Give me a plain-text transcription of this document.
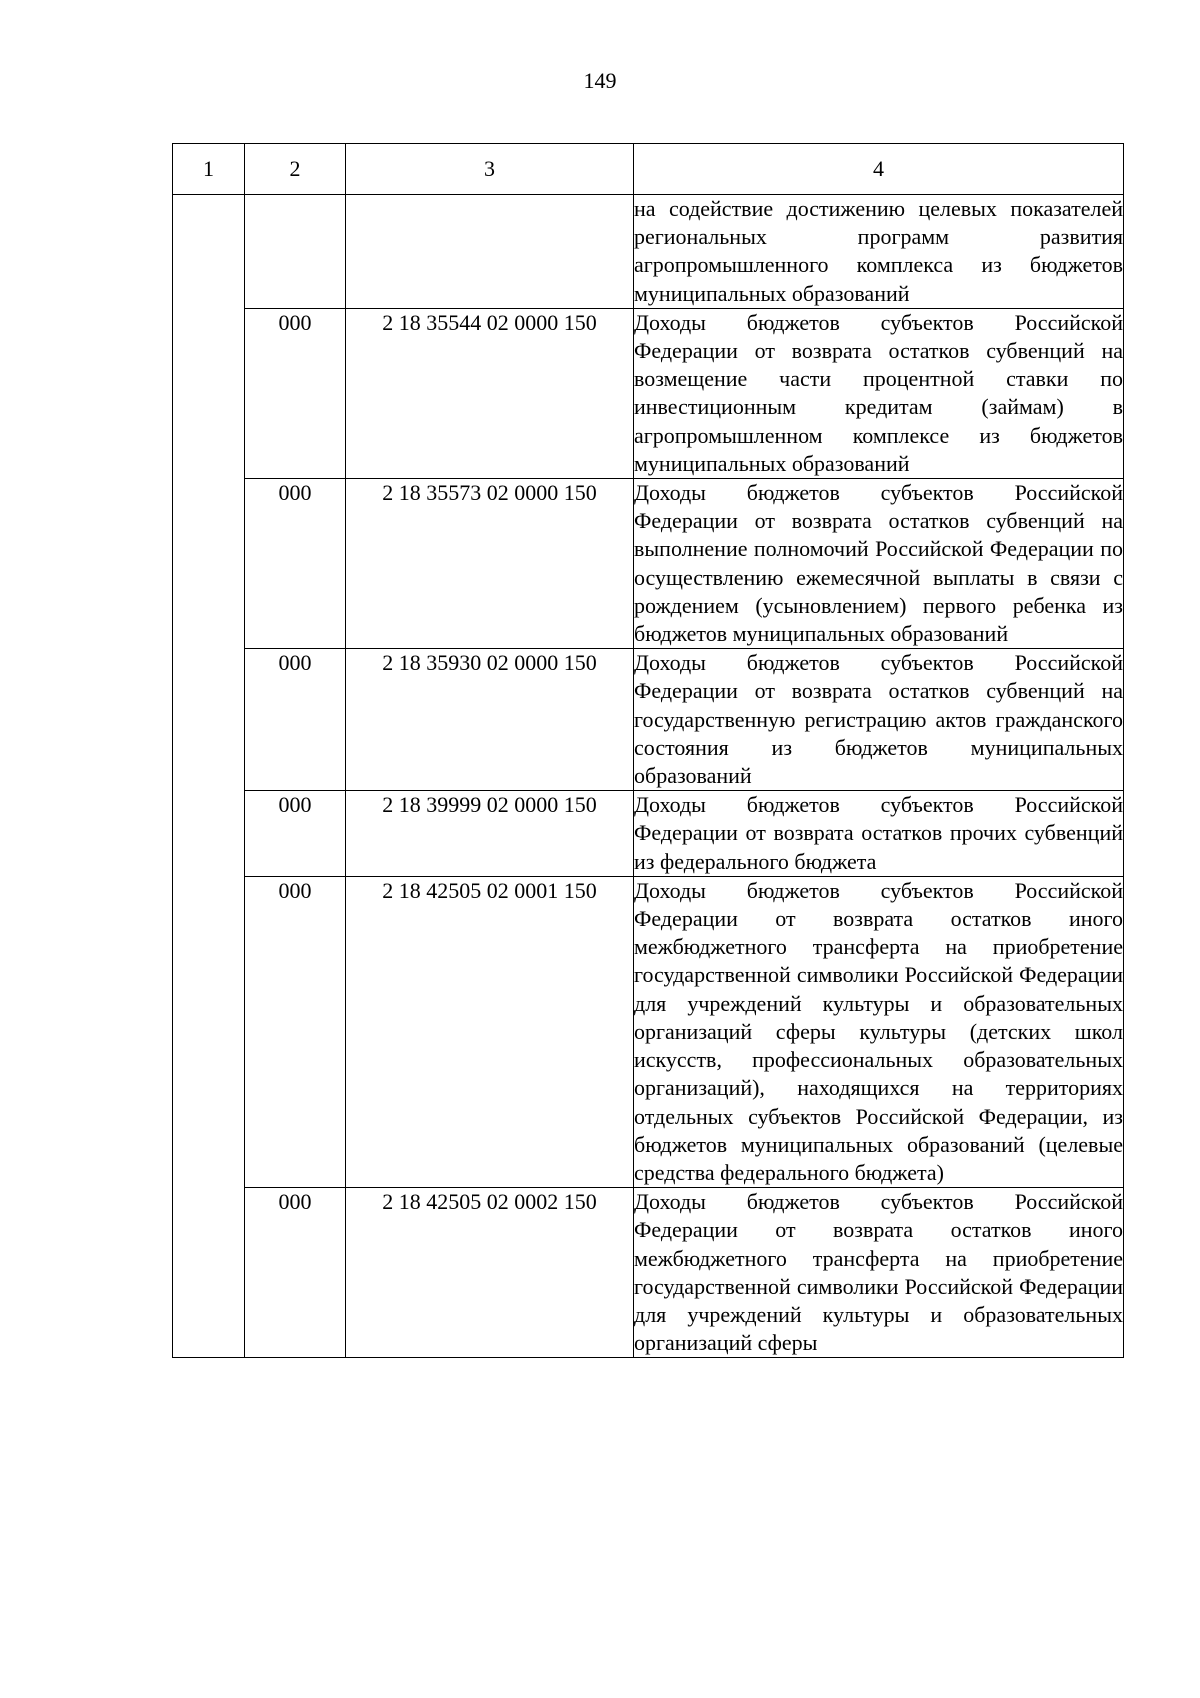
149
1	2	3	4
			на содействие достижению целевых показателей региональных программ развития агропромышленного комплекса из бюджетов муниципальных образований
	000	2 18 35544 02 0000 150	Доходы бюджетов субъектов Российской Федерации от возврата остатков субвенций на возмещение части процентной ставки по инвестиционным кредитам (займам) в агропромышленном комплексе из бюджетов муниципальных образований
	000	2 18 35573 02 0000 150	Доходы бюджетов субъектов Российской Федерации от возврата остатков субвенций на выполнение полномочий Российской Федерации по осуществлению ежемесячной выплаты в связи с рождением (усыновлением) первого ребенка из бюджетов муниципальных образований
	000	2 18 35930 02 0000 150	Доходы бюджетов субъектов Российской Федерации от возврата остатков субвенций на государственную регистрацию актов гражданского состояния из бюджетов муниципальных образований
	000	2 18 39999 02 0000 150	Доходы бюджетов субъектов Российской Федерации от возврата остатков прочих субвенций из федерального бюджета
	000	2 18 42505 02 0001 150	Доходы бюджетов субъектов Российской Федерации от возврата остатков иного межбюджетного трансферта на приобретение государственной символики Российской Федерации для учреждений культуры и образовательных организаций сферы культуры (детских школ искусств, профессиональных образовательных организаций), находящихся на территориях отдельных субъектов Российской Федерации, из бюджетов муниципальных образований (целевые средства федерального бюджета)
	000	2 18 42505 02 0002 150	Доходы бюджетов субъектов Российской Федерации от возврата остатков иного межбюджетного трансферта на приобретение государственной символики Российской Федерации для учреждений культуры и образовательных организаций сферы
